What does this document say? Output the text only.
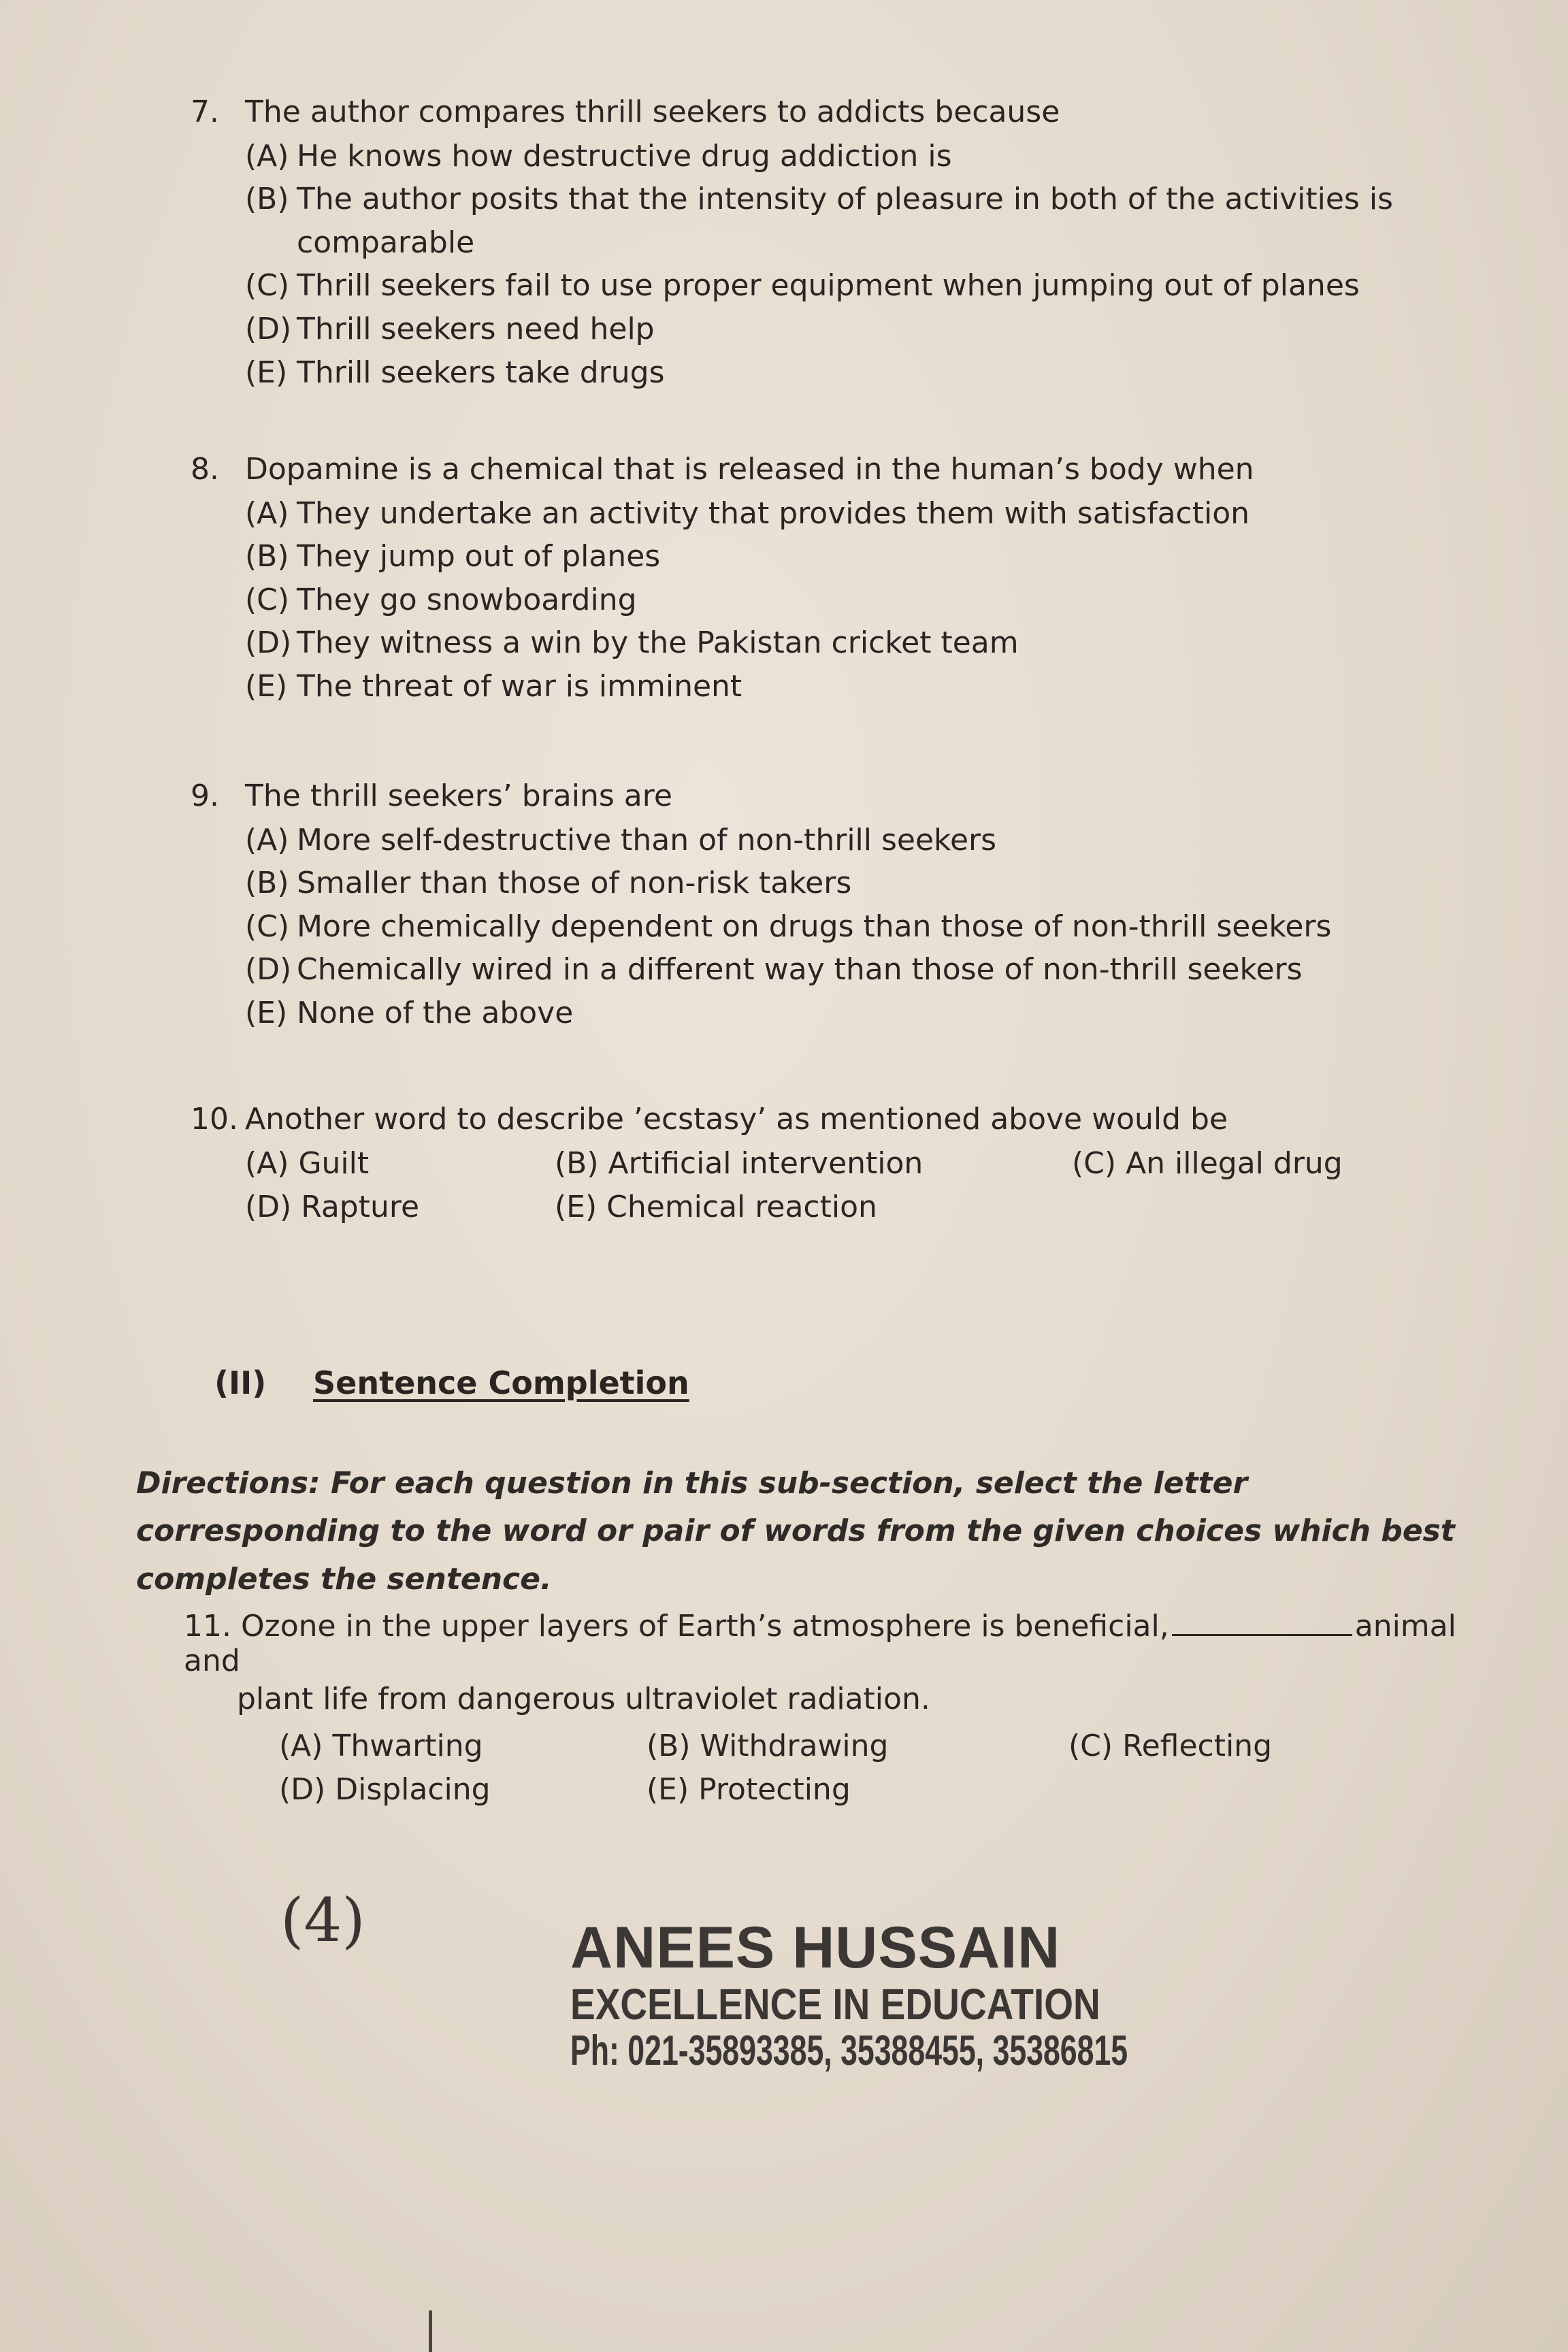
7. The author compares thrill seekers to addicts because
(A) He knows how destructive drug addiction is
(B) The author posits that the intensity of pleasure in both of the activities is
comparable
(C) Thrill seekers fail to use proper equipment when jumping out of planes
(D) Thrill seekers need help
(E) Thrill seekers take drugs
8. Dopamine is a chemical that is released in the human’s body when
(A) They undertake an activity that provides them with satisfaction
(B) They jump out of planes
(C) They go snowboarding
(D) They witness a win by the Pakistan cricket team
(E) The threat of war is imminent
9. The thrill seekers’ brains are
(A) More self-destructive than of non-thrill seekers
(B) Smaller than those of non-risk takers
(C) More chemically dependent on drugs than those of non-thrill seekers
(D) Chemically wired in a different way than those of non-thrill seekers
(E) None of the above
10. Another word to describe ’ecstasy’ as mentioned above would be
(A) Guilt	(B) Artificial intervention	(C) An illegal drug
(D) Rapture	(E) Chemical reaction
(II) Sentence Completion
Directions: For each question in this sub-section, select the letter corresponding to the word or pair of words from the given choices which best completes the sentence.
11. Ozone in the upper layers of Earth’s atmosphere is beneficial,	animal and
plant life from dangerous ultraviolet radiation.
(A) Thwarting	(B) Withdrawing	(C) Reflecting
(D) Displacing	(E) Protecting
(4)	ANEES HUSSAIN
EXCELLENCE IN EDUCATION
Ph: 021-35893385, 35388455, 35386815
